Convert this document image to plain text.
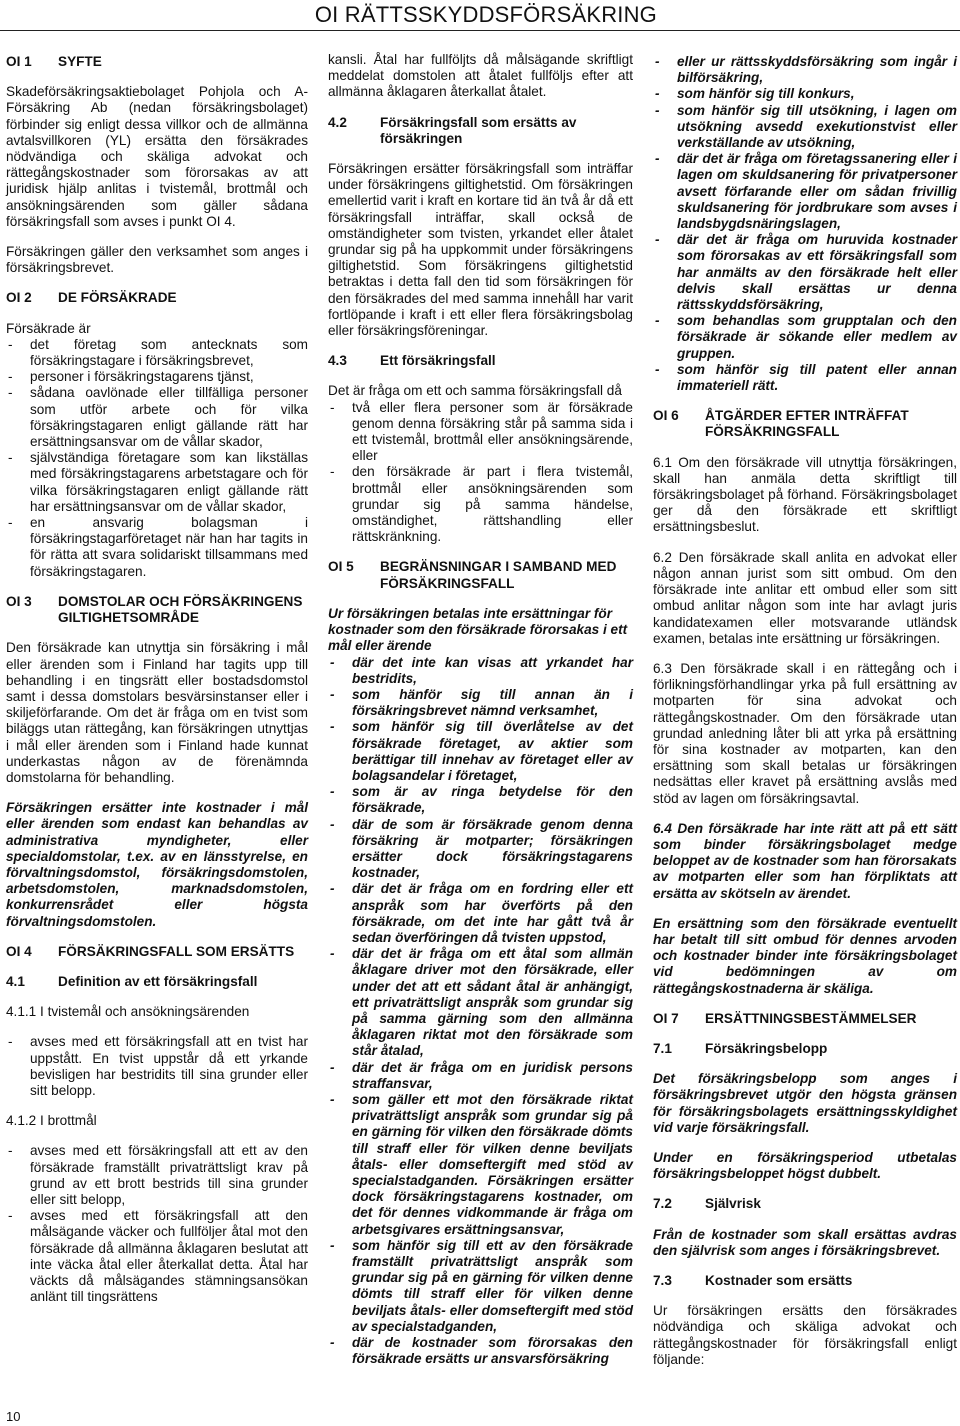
OI RÄTTSSKYDDSFÖRSÄKRING
OI 1	SYFTE

Skadeförsäkringsaktiebolaget Pohjola och A-Försäkring Ab (nedan försäkringsbolaget) förbinder sig enligt dessa villkor och de allmänna avtalsvillkoren (YL) ersätta den försäkrades nödvändiga och skäliga advokat och rättegångskostnader som förorsakas av att juridisk hjälp anlitas i tvistemål, brottmål och ansökningsärenden som gäller sådana försäkringsfall som avses i punkt OI 4.

Försäkringen gäller den verksamhet som anges i försäkringsbrevet.

OI 2	DE FÖRSÄKRADE
Försäkrade är
- det företag som antecknats som försäkringstagare i försäkringsbrevet,
- personer i försäkringstagarens tjänst,
- sådana oavlönade eller tillfälliga personer som utför arbete och för vilka försäkringstagaren enligt gällande rätt har ersättningsansvar om de vållar skador,
- självständiga företagare som kan likställas med försäkringstagarens arbetstagare och för vilka försäkringstagaren enligt gällande rätt har ersättningsansvar om de vållar skador,
- en ansvarig bolagsman i försäkringstagarföretaget när han har tagits in för rätta att svara solidariskt tillsammans med försäkringstagaren.
OI 3	DOMSTOLAR OCH FÖRSÄKRINGENS GILTIGHETSOMRÅDE

Den försäkrade kan utnyttja sin försäkring i mål eller ärenden som i Finland har tagits upp till behandling i en tingsrätt eller bostadsdomstol samt i dessa domstolars besvärsinstanser eller i skiljeförfarande. Om det är fråga om en tvist som biläggs utan rättegång, kan försäkringen utnyttjas i mål eller ärenden som i Finland hade kunnat underkastas någon av de förenämnda domstolarna för behandling.

Försäkringen ersätter inte kostnader i mål eller ärenden som endast kan behandlas av administrativa myndigheter, eller specialdomstolar, t.ex. av en länsstyrelse, en förvaltningsdomstol, försäkringsdomstolen, arbetsdomstolen, marknadsdomstolen, konkurrensrådet eller högsta förvaltningsdomstolen.

OI 4	FÖRSÄKRINGSFALL SOM ERSÄTTS
4.1	Definition av ett försäkringsfall
4.1.1 I tvistemål och ansökningsärenden
- avses med ett försäkringsfall att en tvist har uppstått. En tvist uppstår då ett yrkande bevisligen har bestridits till sina grunder eller sitt belopp.
4.1.2 I brottmål
- avses med ett försäkringsfall att ett av den försäkrade framställt privaträttsligt krav på grund av ett brott bestrids till sina grunder eller sitt belopp,
- avses med ett försäkringsfall att den målsägande väcker och fullföljer åtal mot den försäkrade då allmänna åklagaren beslutat att inte väcka åtal eller återkallat detta. Åtal har väckts då målsägandes stämningsansökan anlänt till tingsrättens

kansli. Åtal har fullföljts då målsägande skriftligt meddelat domstolen att åtalet fullföljs efter att allmänna åklagaren återkallat åtalet.

4.2	Försäkringsfall som ersätts av försäkringen

Försäkringen ersätter försäkringsfall som inträffar under försäkringens giltighetstid. Om försäkringen emellertid varit i kraft en kortare tid än två år då ett försäkringsfall inträffar, skall också de omständigheter som tvisten, yrkandet eller åtalet grundar sig på ha uppkommit under försäkringens giltighetstid. Som försäkringens giltighetstid betraktas i detta fall den tid som försäkringen för den försäkrades del med samma innehåll har varit fortlöpande i kraft i ett eller flera försäkringsbolag eller försäkringsföreningar.

4.3	Ett försäkringsfall
Det är fråga om ett och samma försäkringsfall då
- två eller flera personer som är försäkrade genom denna försäkring står på samma sida i ett tvistemål, brottmål eller ansökningsärende, eller
- den försäkrade är part i flera tvistemål, brottmål eller ansökningsärenden som grundar sig på samma händelse, omständighet, rättshandling eller rättskränkning.
OI 5	BEGRÄNSNINGAR I SAMBAND MED FÖRSÄKRINGSFALL
Ur försäkringen betalas inte ersättningar för kostnader som den försäkrade förorsakas i ett mål eller ärende
- där det inte kan visas att yrkandet har bestridits,
- som hänför sig till annan än i försäkringsbrevet nämnd verksamhet,
- som hänför sig till överlåtelse av det försäkrade företaget, av aktier som berättigar till innehav av företaget eller av bolagsandelar i företaget,
- som är av ringa betydelse för den försäkrade,
- där de som är försäkrade genom denna försäkring är motparter; försäkringen ersätter dock försäkringstagarens kostnader,
- där det är fråga om en fordring eller ett anspråk som har överförts på den försäkrade, om det inte har gått två år sedan överföringen då tvisten uppstod,
- där det är fråga om ett åtal som allmän åklagare driver mot den försäkrade, eller under det att ett sådant åtal är anhängigt, ett privaträttsligt anspråk som grundar sig på samma gärning som den allmänna åklagaren riktat mot den försäkrade som står åtalad,
- där det är fråga om en juridisk persons straffansvar,
- som gäller ett mot den försäkrade riktat privaträttsligt anspråk som grundar sig på en gärning för vilken den försäkrade dömts till straff eller för vilken denne beviljats åtals- eller domseftergift med stöd av specialstadganden. Försäkringen ersätter dock försäkringstagarens kostnader, om det för dennes vidkommande är fråga om arbetsgivares ersättningsansvar,
- som hänför sig till ett av den försäkrade framställt privaträttsligt anspråk som grundar sig på en gärning för vilken denne dömts till straff eller för vilken denne beviljats åtals- eller domseftergift med stöd av specialstadganden,
- där de kostnader som förorsakas den försäkrade ersätts ur ansvarsförsäkring
- eller ur rättsskyddsförsäkring som ingår i bilförsäkring,
- som hänför sig till konkurs,
- som hänför sig till utsökning, i lagen om utsökning avsedd exekutionstvist eller verkställande av utsökning,
- där det är fråga om företagssanering eller i lagen om skuldsanering för privatpersoner avsett förfarande eller om sådan frivillig skuldsanering för jordbrukare som avses i landsbygdsnäringslagen,
- där det är fråga om huruvida kostnader som förorsakas av ett försäkringsfall som har anmälts av den försäkrade helt eller delvis skall ersättas ur denna rättsskyddsförsäkring,
- som behandlas som grupptalan och den försäkrade är sökande eller medlem av gruppen.
- som hänför sig till patent eller annan immateriell rätt.
OI 6	ÅTGÄRDER EFTER INTRÄFFAT FÖRSÄKRINGSFALL

6.1 Om den försäkrade vill utnyttja försäkringen, skall han anmäla detta skriftligt till försäkringsbolaget på förhand. Försäkringsbolaget ger då den försäkrade ett skriftligt ersättningsbeslut.

6.2 Den försäkrade skall anlita en advokat eller någon annan jurist som sitt ombud. Om den försäkrade inte anlitar ett ombud eller som sitt ombud anlitar någon som inte har avlagt juris kandidatexamen eller motsvarande utländsk examen, betalas inte ersättning ur försäkringen.

6.3 Den försäkrade skall i en rättegång och i förlikningsförhandlingar yrka på full ersättning av motparten för sina advokat och rättegångskostnader. Om den försäkrade utan grundad anledning låter bli att yrka på ersättning för sina kostnader av motparten, kan den ersättning som skall betalas ur försäkringen nedsättas eller kravet på ersättning avslås med stöd av lagen om försäkringsavtal.

6.4 Den försäkrade har inte rätt att på ett sätt som binder försäkringsbolaget medge beloppet av de kostnader som han förorsakats av motparten eller som han förpliktats att ersätta av skötseln av ärendet.

En ersättning som den försäkrade eventuellt har betalt till sitt ombud för dennes arvoden och kostnader binder inte försäkringsbolaget vid bedömningen av om rättegångskostnaderna är skäliga.

OI 7	ERSÄTTNINGSBESTÄMMELSER
7.1	Försäkringsbelopp

Det försäkringsbelopp som anges i försäkringsbrevet utgör den högsta gränsen för försäkringsbolagets ersättningsskyldighet vid varje försäkringsfall.

Under en försäkringsperiod utbetalas försäkringsbeloppet högst dubbelt.

7.2	Självrisk

Från de kostnader som skall ersättas avdras den självrisk som anges i försäkringsbrevet.

7.3	Kostnader som ersätts

Ur försäkringen ersätts den försäkrades nödvändiga och skäliga advokat och rättegångskostnader för försäkringsfall enligt följande:

10
